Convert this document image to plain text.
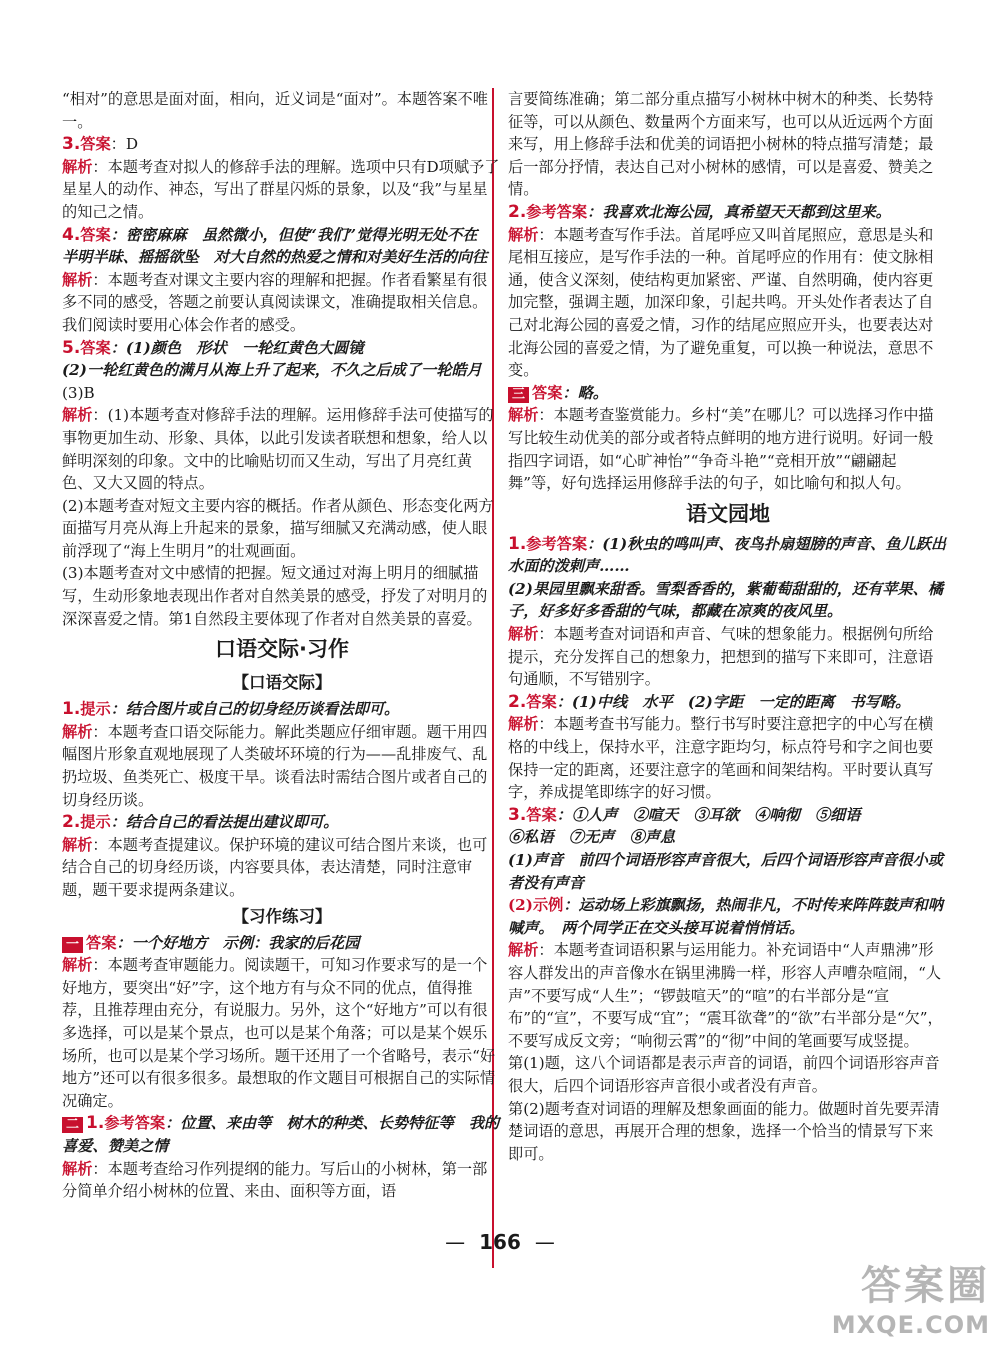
“相对”的意思是面对面，相向，近义词是“面对”。本题答案不唯一。

3.答案：D

解析：本题考查对拟人的修辞手法的理解。选项中只有D项赋予了星星人的动作、神态，写出了群星闪烁的景象，以及“我”与星星的知己之情。

4.答案：密密麻麻　虽然微小，但使“我们”觉得光明无处不在　半明半昧、摇摇欲坠　对大自然的热爱之情和对美好生活的向往

解析：本题考查对课文主要内容的理解和把握。作者看繁星有很多不同的感受，答题之前要认真阅读课文，准确提取相关信息。我们阅读时要用心体会作者的感受。

5.答案：(1)颜色　形状　一轮红黄色大圆镜

(2)一轮红黄色的满月从海上升了起来，不久之后成了一轮皓月

(3)B

解析：(1)本题考查对修辞手法的理解。运用修辞手法可使描写的事物更加生动、形象、具体，以此引发读者联想和想象，给人以鲜明深刻的印象。文中的比喻贴切而又生动，写出了月亮红黄色、又大又圆的特点。

(2)本题考查对短文主要内容的概括。作者从颜色、形态变化两方面描写月亮从海上升起来的景象，描写细腻又充满动感，使人眼前浮现了“海上生明月”的壮观画面。

(3)本题考查对文中感情的把握。短文通过对海上明月的细腻描写，生动形象地表现出作者对自然美景的感受，抒发了对明月的深深喜爱之情。第1自然段主要体现了作者对自然美景的喜爱。

口语交际·习作
【口语交际】

1.提示：结合图片或自己的切身经历谈看法即可。

解析：本题考查口语交际能力。解此类题应仔细审题。题干用四幅图片形象直观地展现了人类破坏环境的行为——乱排废气、乱扔垃圾、鱼类死亡、极度干旱。谈看法时需结合图片或者自己的切身经历谈。

2.提示：结合自己的看法提出建议即可。

解析：本题考查提建议。保护环境的建议可结合图片来谈，也可结合自己的切身经历谈，内容要具体，表达清楚，同时注意审题，题干要求提两条建议。

【习作练习】

一 答案：一个好地方　示例：我家的后花园

解析：本题考查审题能力。阅读题干，可知习作要求写的是一个好地方，要突出“好”字，这个地方有与众不同的优点，值得推荐，且推荐理由充分，有说服力。另外，这个“好地方”可以有很多选择，可以是某个景点，也可以是某个角落；可以是某个娱乐场所，也可以是某个学习场所。题干还用了一个省略号，表示“好地方”还可以有很多很多。最想取的作文题目可根据自己的实际情况确定。

二 1.参考答案：位置、来由等　树木的种类、长势特征等　我的喜爱、赞美之情

解析：本题考查给习作列提纲的能力。写后山的小树林，第一部分简单介绍小树林的位置、来由、面积等方面，语

言要简练准确；第二部分重点描写小树林中树木的种类、长势特征等，可以从颜色、数量两个方面来写，也可以从近远两个方面来写，用上修辞手法和优美的词语把小树林的特点描写清楚；最后一部分抒情，表达自己对小树林的感情，可以是喜爱、赞美之情。

2.参考答案：我喜欢北海公园，真希望天天都到这里来。

解析：本题考查写作手法。首尾呼应又叫首尾照应，意思是头和尾相互接应，是写作手法的一种。首尾呼应的作用有：使文脉相通，使含义深刻，使结构更加紧密、严谨、自然明确，使内容更加完整，强调主题，加深印象，引起共鸣。开头处作者表达了自己对北海公园的喜爱之情，习作的结尾应照应开头，也要表达对北海公园的喜爱之情，为了避免重复，可以换一种说法，意思不变。

三 答案：略。

解析：本题考查鉴赏能力。乡村“美”在哪儿？可以选择习作中描写比较生动优美的部分或者特点鲜明的地方进行说明。好词一般指四字词语，如“心旷神怡”“争奇斗艳”“竞相开放”“翩翩起舞”等，好句选择运用修辞手法的句子，如比喻句和拟人句。

语文园地

1.参考答案：(1)秋虫的鸣叫声、夜鸟扑扇翅膀的声音、鱼儿跃出水面的泼剌声……

(2)果园里飘来甜香。雪梨香香的，紫葡萄甜甜的，还有苹果、橘子，好多好多香甜的气味，都藏在凉爽的夜风里。

解析：本题考查对词语和声音、气味的想象能力。根据例句所给提示，充分发挥自己的想象力，把想到的描写下来即可，注意语句通顺，不写错别字。

2.答案：(1)中线　水平　(2)字距　一定的距离　书写略。

解析：本题考查书写能力。整行书写时要注意把字的中心写在横格的中线上，保持水平，注意字距均匀，标点符号和字之间也要保持一定的距离，还要注意字的笔画和间架结构。平时要认真写字，养成提笔即练字的好习惯。

3.答案：①人声　②喧天　③耳欲　④响彻　⑤细语

⑥私语　⑦无声　⑧声息

(1)声音　前四个词语形容声音很大，后四个词语形容声音很小或者没有声音

(2)示例：运动场上彩旗飘扬，热闹非凡，不时传来阵阵鼓声和呐喊声。　两个同学正在交头接耳说着悄悄话。

解析：本题考查词语积累与运用能力。补充词语中“人声鼎沸”形容人群发出的声音像水在锅里沸腾一样，形容人声嘈杂喧闹，“人声”不要写成“人生”；“锣鼓喧天”的“喧”的右半部分是“宣布”的“宣”，不要写成“宜”；“震耳欲聋”的“欲”右半部分是“欠”，不要写成反文旁；“响彻云霄”的“彻”中间的笔画要写成竖提。

第(1)题，这八个词语都是表示声音的词语，前四个词语形容声音很大，后四个词语形容声音很小或者没有声音。

第(2)题考查对词语的理解及想象画面的能力。做题时首先要弄清楚词语的意思，再展开合理的想象，选择一个恰当的情景写下来即可。

— 166 —
答案圈
MXQE.COM
